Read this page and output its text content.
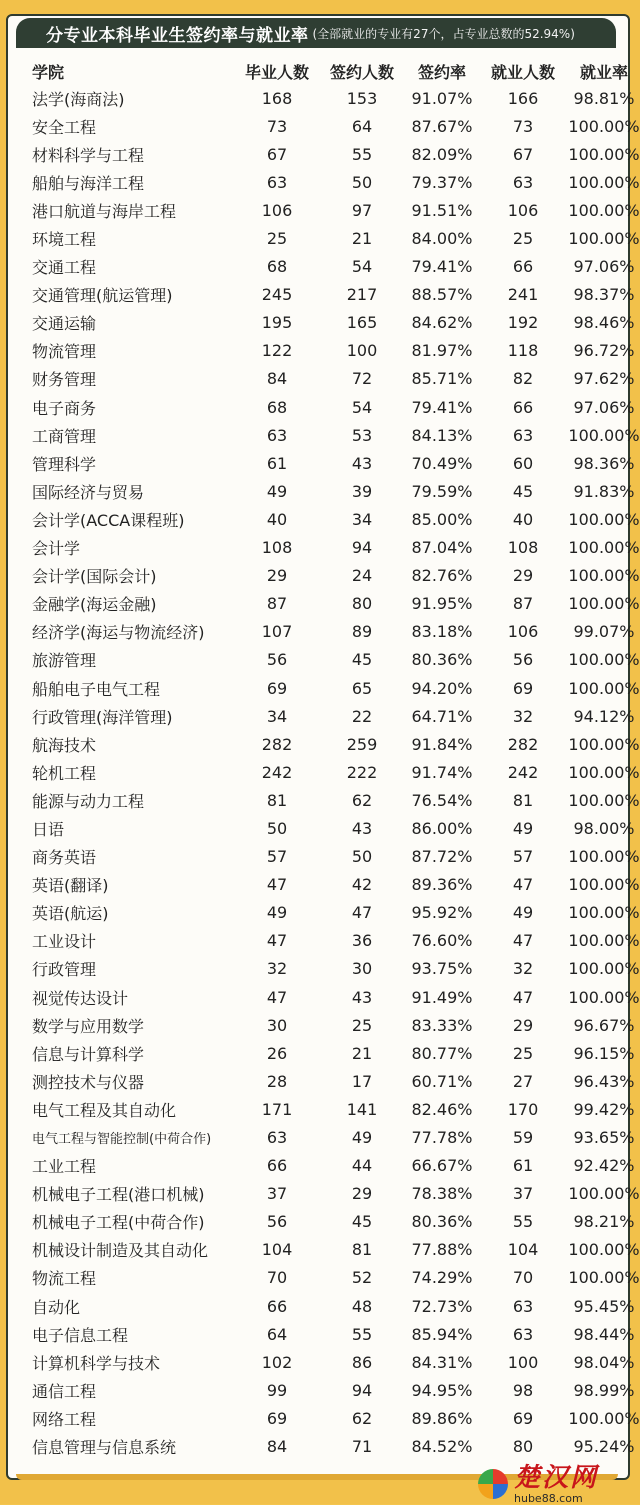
分专业本科毕业生签约率与就业率 (全部就业的专业有27个，占专业总数的52.94%)
学院	毕业人数	签约人数	签约率	就业人数	就业率
法学(海商法)	168	153	91.07%	166	98.81%
安全工程	73	64	87.67%	73	100.00%
材料科学与工程	67	55	82.09%	67	100.00%
船舶与海洋工程	63	50	79.37%	63	100.00%
港口航道与海岸工程	106	97	91.51%	106	100.00%
环境工程	25	21	84.00%	25	100.00%
交通工程	68	54	79.41%	66	97.06%
交通管理(航运管理)	245	217	88.57%	241	98.37%
交通运输	195	165	84.62%	192	98.46%
物流管理	122	100	81.97%	118	96.72%
财务管理	84	72	85.71%	82	97.62%
电子商务	68	54	79.41%	66	97.06%
工商管理	63	53	84.13%	63	100.00%
管理科学	61	43	70.49%	60	98.36%
国际经济与贸易	49	39	79.59%	45	91.83%
会计学(ACCA课程班)	40	34	85.00%	40	100.00%
会计学	108	94	87.04%	108	100.00%
会计学(国际会计)	29	24	82.76%	29	100.00%
金融学(海运金融)	87	80	91.95%	87	100.00%
经济学(海运与物流经济)	107	89	83.18%	106	99.07%
旅游管理	56	45	80.36%	56	100.00%
船舶电子电气工程	69	65	94.20%	69	100.00%
行政管理(海洋管理)	34	22	64.71%	32	94.12%
航海技术	282	259	91.84%	282	100.00%
轮机工程	242	222	91.74%	242	100.00%
能源与动力工程	81	62	76.54%	81	100.00%
日语	50	43	86.00%	49	98.00%
商务英语	57	50	87.72%	57	100.00%
英语(翻译)	47	42	89.36%	47	100.00%
英语(航运)	49	47	95.92%	49	100.00%
工业设计	47	36	76.60%	47	100.00%
行政管理	32	30	93.75%	32	100.00%
视觉传达设计	47	43	91.49%	47	100.00%
数学与应用数学	30	25	83.33%	29	96.67%
信息与计算科学	26	21	80.77%	25	96.15%
测控技术与仪器	28	17	60.71%	27	96.43%
电气工程及其自动化	171	141	82.46%	170	99.42%
电气工程与智能控制(中荷合作)	63	49	77.78%	59	93.65%
工业工程	66	44	66.67%	61	92.42%
机械电子工程(港口机械)	37	29	78.38%	37	100.00%
机械电子工程(中荷合作)	56	45	80.36%	55	98.21%
机械设计制造及其自动化	104	81	77.88%	104	100.00%
物流工程	70	52	74.29%	70	100.00%
自动化	66	48	72.73%	63	95.45%
电子信息工程	64	55	85.94%	63	98.44%
计算机科学与技术	102	86	84.31%	100	98.04%
通信工程	99	94	94.95%	98	98.99%
网络工程	69	62	89.86%	69	100.00%
信息管理与信息系统	84	71	84.52%	80	95.24%
楚汉网
hube88.com
